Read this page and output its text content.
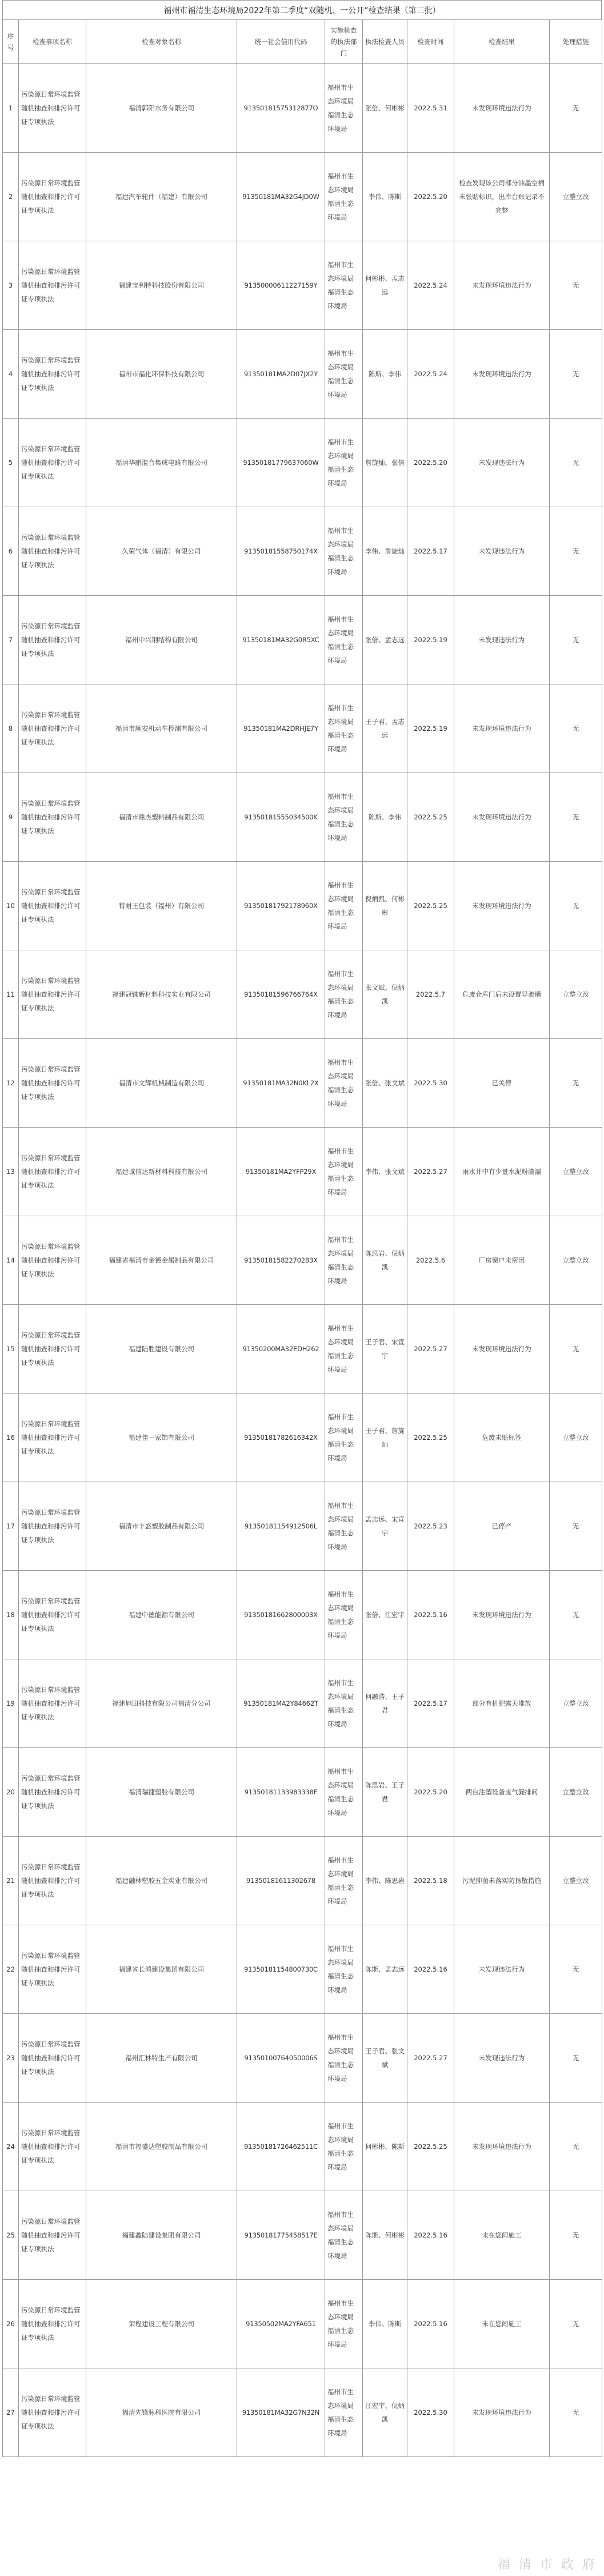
福州市福清生态环境局2022年第二季度“双随机、一公开”检查结果（第三批）
序号	检查事项名称	检查对象名称	统一社会信用代码	实施检查的执法部门	执法检查人员	检查时间	检查结果	处理措施
1	污染源日常环境监管随机抽查和排污许可证专项执法	福清郭阳水务有限公司	91350181575312877O	福州市生态环境局福清生态环境局	张倍、何彬彬	2022.5.31	未发现环境违法行为	无
2	污染源日常环境监管随机抽查和排污许可证专项执法	福建汽车轮件（福建）有限公司	91350181MA32G4JD0W	福州市生态环境局福清生态环境局	李伟、陈斯	2022.5.20	检查发现该公司部分油墨空桶未张贴标识，出库台账记录不完整	立整立改
3	污染源日常环境监管随机抽查和排污许可证专项执法	福建宝利特科技股份有限公司	91350000611227159Y	福州市生态环境局福清生态环境局	何彬彬、孟志远	2022.5.24	未发现环境违法行为	无
4	污染源日常环境监管随机抽查和排污许可证专项执法	福州市福化环保科技有限公司	91350181MA2D07JX2Y	福州市生态环境局福清生态环境局	陈斯、李伟	2022.5.24	未发现环境违法行为	无
5	污染源日常环境监管随机抽查和排污许可证专项执法	福清华鹏混合集成电路有限公司	91350181779637060W	福州市生态环境局福清生态环境局	詹旋灿、张倍	2022.5.20	未发现违法行为	无
6	污染源日常环境监管随机抽查和排污许可证专项执法	久荣气体（福清）有限公司	91350181558750174X	福州市生态环境局福清生态环境局	李伟、詹旋灿	2022.5.17	未发现违法行为	无
7	污染源日常环境监管随机抽查和排污许可证专项执法	福州中兴钢结构有限公司	91350181MA32G0R5XC	福州市生态环境局福清生态环境局	张倍、孟志远	2022.5.19	未发现违法行为	无
8	污染源日常环境监管随机抽查和排污许可证专项执法	福清市顺安机动车检测有限公司	91350181MA2DRHJE7Y	福州市生态环境局福清生态环境局	王子君、孟志远	2022.5.19	未发现环境违法行为	无
9	污染源日常环境监管随机抽查和排污许可证专项执法	福清市鼎杰塑料制品有限公司	91350181555034500K	福州市生态环境局福清生态环境局	陈斯、李伟	2022.5.25	未发现环境违法行为	无
10	污染源日常环境监管随机抽查和排污许可证专项执法	特耐王包装（福州）有限公司	91350181792178960X	福州市生态环境局福清生态环境局	倪炳凯、何彬彬	2022.5.25	未发现环境违法行为	无
11	污染源日常环境监管随机抽查和排污许可证专项执法	福建冠铢新材料科技实业有限公司	91350181596766764X	福州市生态环境局福清生态环境局	张文斌、倪炳凯	2022.5.7	危废仓库门后未设置导流槽	立整立改
12	污染源日常环境监管随机抽查和排污许可证专项执法	福清市文辉机械制造有限公司	91350181MA32N0KL2X	福州市生态环境局福清生态环境局	张倍、张文斌	2022.5.30	已关停	无
13	污染源日常环境监管随机抽查和排污许可证专项执法	福建诚信达新材料科技有限公司	91350181MA2YFP29X	福州市生态环境局福清生态环境局	李伟、张文斌	2022.5.27	雨水井中有少量水泥粉渣漏	立整立改
14	污染源日常环境监管随机抽查和排污许可证专项执法	福建省福清市金德金属制品有限公司	91350181582270283X	福州市生态环境局福清生态环境局	陈思岩、倪炳凯	2022.5.6	厂房窗户未密闭	立整立改
15	污染源日常环境监管随机抽查和排污许可证专项执法	福建陆胜建设有限公司	91350200MA32EDH262	福州市生态环境局福清生态环境局	王子君、宋宣宇	2022.5.27	未发现环境违法行为	无
16	污染源日常环境监管随机抽查和排污许可证专项执法	福建佳一家饰有限公司	91350181782616342X	福州市生态环境局福清生态环境局	王子君、詹旋灿	2022.5.25	危废未贴标签	立整立改
17	污染源日常环境监管随机抽查和排污许可证专项执法	福清市丰盛塑胶制品有限公司	91350181154912506L	福州市生态环境局福清生态环境局	孟志远、宋宣宇	2022.5.23	已停产	无
18	污染源日常环境监管随机抽查和排污许可证专项执法	福建中德能源有限公司	91350181662800003X	福州市生态环境局福清生态环境局	张倍、江宏宇	2022.5.16	未发现环境违法行为	无
19	污染源日常环境监管随机抽查和排污许可证专项执法	福建旭田科技有限公司福清分公司	91350181MA2Y84662T	福州市生态环境局福清生态环境局	何融浩、王子君	2022.5.17	部分有机肥露天堆放	立整立改
20	污染源日常环境监管随机抽查和排污许可证专项执法	福清瑞捷塑胶有限公司	91350181133983338F	福州市生态环境局福清生态环境局	陈思岩、王子君	2022.5.20	两台注塑设备废气漏排问	立整立改
21	污染源日常环境监管随机抽查和排污许可证专项执法	福建融林塑胶五金实业有限公司	91350181611302678	福州市生态环境局福清生态环境局	李伟、陈思岩	2022.5.18	污泥抑菌未落实防扬散措施	立整立改
22	污染源日常环境监管随机抽查和排污许可证专项执法	福建省长鸿建设集团有限公司	91350181154800730C	福州市生态环境局福清生态环境局	陈斯、孟志远	2022.5.16	未发现违法行为	无
23	污染源日常环境监管随机抽查和排污许可证专项执法	福州汇林特生产有限公司	91350100764050006S	福州市生态环境局福清生态环境局	王子君、张文斌	2022.5.27	未发现违法行为	无
24	污染源日常环境监管随机抽查和排污许可证专项执法	福清市福盛达塑胶制品有限公司	91350181726462511C	福州市生态环境局福清生态环境局	何彬彬、陈斯	2022.5.25	未发现环境违法行为	无
25	污染源日常环境监管随机抽查和排污许可证专项执法	福建鑫陆建设集团有限公司	91350181775458517E	福州市生态环境局福清生态环境局	陈斯、何彬彬	2022.5.16	未在您间施工	无
26	污染源日常环境监管随机抽查和排污许可证专项执法	荣程建设工程有限公司	91350502MA2YFA651	福州市生态环境局福清生态环境局	李伟、陈斯	2022.5.16	未在您间施工	无
27	污染源日常环境监管随机抽查和排污许可证专项执法	福清先锋脉科医院有限公司	91350181MA32G7N32N	福州市生态环境局福清生态环境局	江宏宇、倪炳凯	2022.5.30	未发现环境违法行为	无
福 清 市 政 府
